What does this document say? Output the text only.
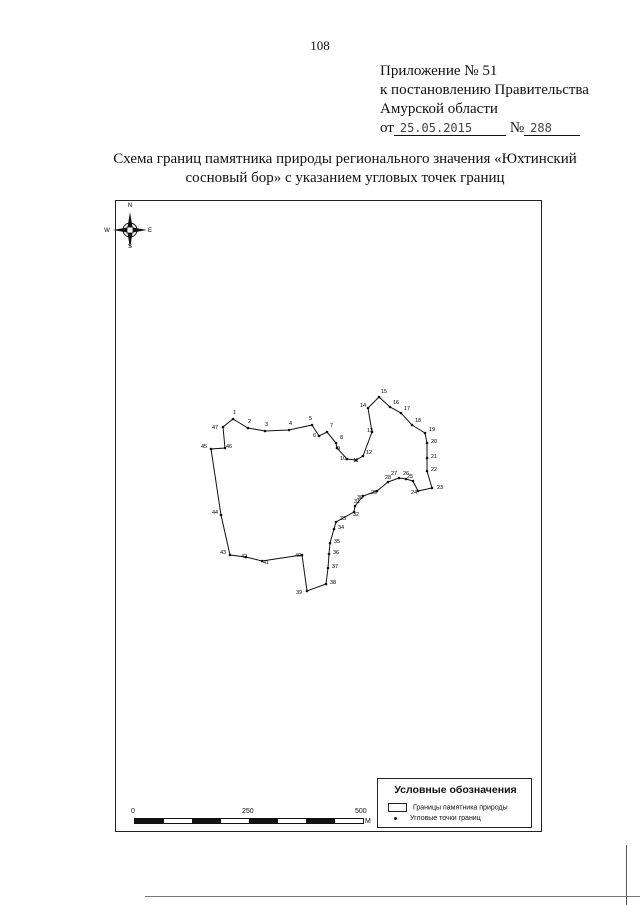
108
Приложение № 51
к постановлению Правительства
Амурской области
от 25.05.2015	№ 288
Схема границ памятника природы регионального значения «Юхтинский
сосновый бор» с указанием угловых точек границ
N
S
W	E
1
2	3	4
5
6
7
8
9
10 11
12
13
14
15
16
17
18
19
20
21
22
23
24
25
26
27
28
29
30
31
32
33
34
35
36
37
38
39
40
41
42
43
44
45	46
47
Условные обозначения
Границы памятника природы
Угловые точки границ
0	250	500
М
